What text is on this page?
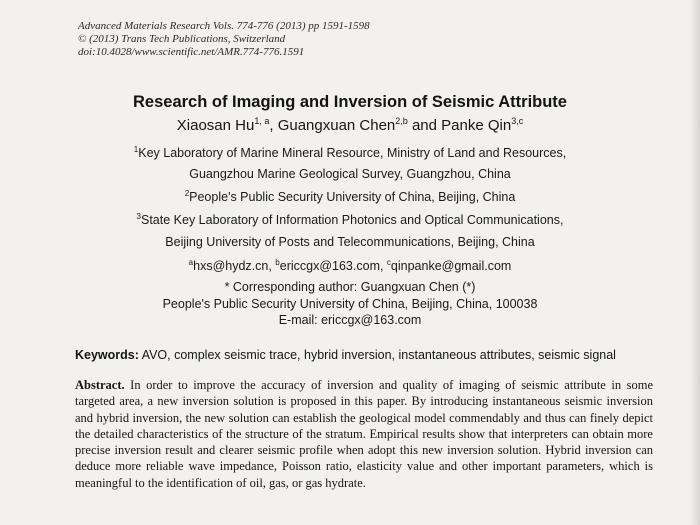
Advanced Materials Research Vols. 774-776 (2013) pp 1591-1598
© (2013) Trans Tech Publications, Switzerland
doi:10.4028/www.scientific.net/AMR.774-776.1591
Research of Imaging and Inversion of Seismic Attribute
Xiaosan Hu$^{1, a}$, Guangxuan Chen$^{2,b}$ and Panke Qin$^{3,c}$
$^1$Key Laboratory of Marine Mineral Resource, Ministry of Land and Resources,
Guangzhou Marine Geological Survey, Guangzhou, China
$^2$People's Public Security University of China, Beijing, China
$^3$State Key Laboratory of Information Photonics and Optical Communications,
Beijing University of Posts and Telecommunications, Beijing, China
$^a$hxs@hydz.cn, $^b$ericcgx@163.com, $^c$qinpanke@gmail.com
* Corresponding author: Guangxuan Chen (*)
People's Public Security University of China, Beijing, China, 100038
E-mail: ericcgx@163.com
Keywords: AVO, complex seismic trace, hybrid inversion, instantaneous attributes, seismic signal
Abstract. In order to improve the accuracy of inversion and quality of imaging of seismic attribute in some targeted area, a new inversion solution is proposed in this paper. By introducing instantaneous seismic inversion and hybrid inversion, the new solution can establish the geological model commendably and thus can finely depict the detailed characteristics of the structure of the stratum. Empirical results show that interpreters can obtain more precise inversion result and clearer seismic profile when adopt this new inversion solution. Hybrid inversion can deduce more reliable wave impedance, Poisson ratio, elasticity value and other important parameters, which is meaningful to the identification of oil, gas, or gas hydrate.
